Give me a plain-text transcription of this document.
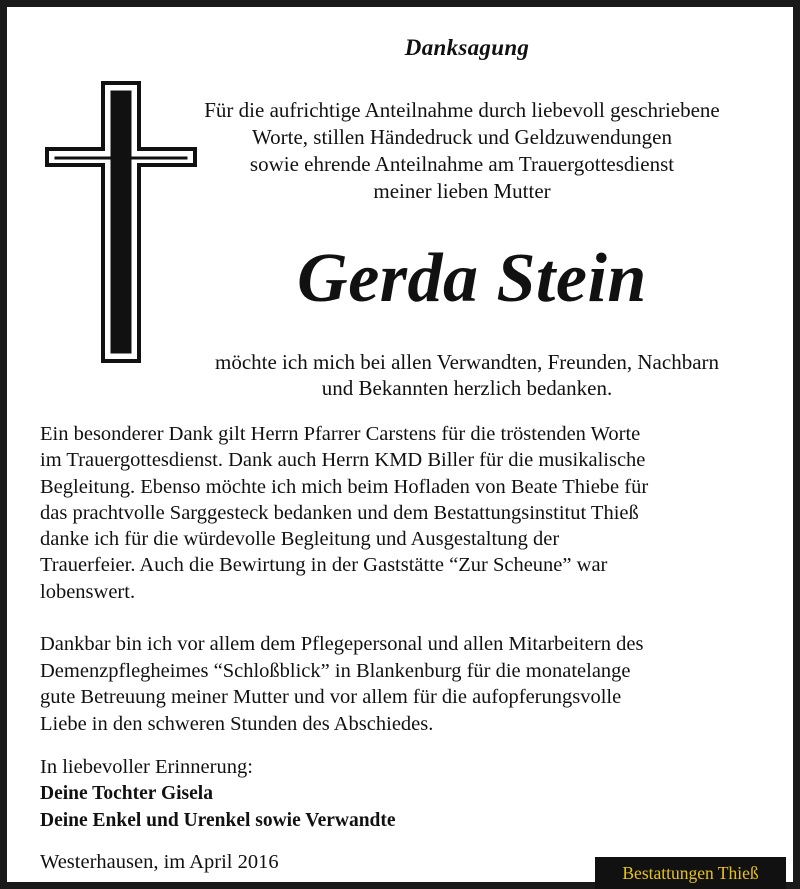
Danksagung
Für die aufrichtige Anteilnahme durch liebevoll geschriebene
Worte, stillen Händedruck und Geldzuwendungen
sowie ehrende Anteilnahme am Trauergottesdienst
meiner lieben Mutter
Gerda Stein
möchte ich mich bei allen Verwandten, Freunden, Nachbarn
und Bekannten herzlich bedanken.
Ein besonderer Dank gilt Herrn Pfarrer Carstens für die tröstenden Worte
im Trauergottesdienst. Dank auch Herrn KMD Biller für die musikalische
Begleitung. Ebenso möchte ich mich beim Hofladen von Beate Thiebe für
das prachtvolle Sarggesteck bedanken und dem Bestattungsinstitut Thieß
danke ich für die würdevolle Begleitung und Ausgestaltung der
Trauerfeier. Auch die Bewirtung in der Gaststätte “Zur Scheune” war
lobenswert.
Dankbar bin ich vor allem dem Pflegepersonal und allen Mitarbeitern des
Demenzpflegheimes “Schloßblick” in Blankenburg für die monatelange
gute Betreuung meiner Mutter und vor allem für die aufopferungsvolle
Liebe in den schweren Stunden des Abschiedes.
In liebevoller Erinnerung:
Deine Tochter Gisela
Deine Enkel und Urenkel sowie Verwandte
Westerhausen, im April 2016	Bestattungen Thieß
